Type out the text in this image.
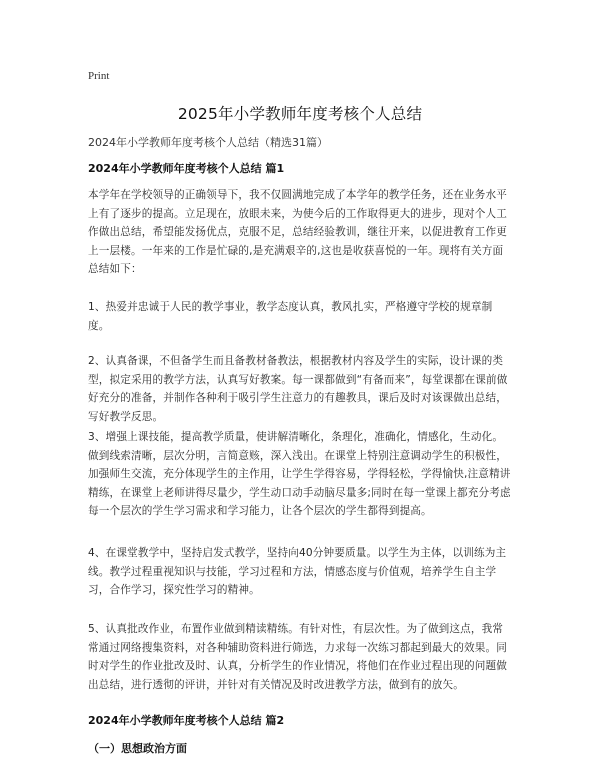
Print
2025年小学教师年度考核个人总结
2024年小学教师年度考核个人总结（精选31篇）
2024年小学教师年度考核个人总结 篇1

本学年在学校领导的正确领导下，我不仅圆满地完成了本学年的教学任务，还在业务水平上有了逐步的提高。立足现在，放眼未来，为使今后的工作取得更大的进步，现对个人工作做出总结，希望能发扬优点，克服不足，总结经验教训，继往开来，以促进教育工作更上一层楼。一年来的工作是忙碌的,是充满艰辛的,这也是收获喜悦的一年。现将有关方面总结如下：

1、热爱并忠诚于人民的教学事业，教学态度认真，教风扎实，严格遵守学校的规章制度。

2、认真备课，不但备学生而且备教材备教法，根据教材内容及学生的实际，设计课的类型，拟定采用的教学方法，认真写好教案。每一课都做到“有备而来”，每堂课都在课前做好充分的准备，并制作各种利于吸引学生注意力的有趣教具，课后及时对该课做出总结，写好教学反思。

3、增强上课技能，提高教学质量，使讲解清晰化，条理化，准确化，情感化，生动化。做到线索清晰，层次分明，言简意赅，深入浅出。在课堂上特别注意调动学生的积极性，加强师生交流，充分体现学生的主作用，让学生学得容易，学得轻松，学得愉快,注意精讲精练，在课堂上老师讲得尽量少，学生动口动手动脑尽量多;同时在每一堂课上都充分考虑每一个层次的学生学习需求和学习能力，让各个层次的学生都得到提高。

4、在课堂教学中，坚持启发式教学，坚持向40分钟要质量。以学生为主体，以训练为主线。教学过程重视知识与技能，学习过程和方法，情感态度与价值观，培养学生自主学习，合作学习，探究性学习的精神。

5、认真批改作业，布置作业做到精读精练。有针对性，有层次性。为了做到这点，我常常通过网络搜集资料，对各种辅助资料进行筛选，力求每一次练习都起到最大的效果。同时对学生的作业批改及时、认真，分析学生的作业情况，将他们在作业过程出现的问题做出总结，进行透彻的评讲，并针对有关情况及时改进教学方法，做到有的放矢。

2024年小学教师年度考核个人总结 篇2
（一）思想政治方面
